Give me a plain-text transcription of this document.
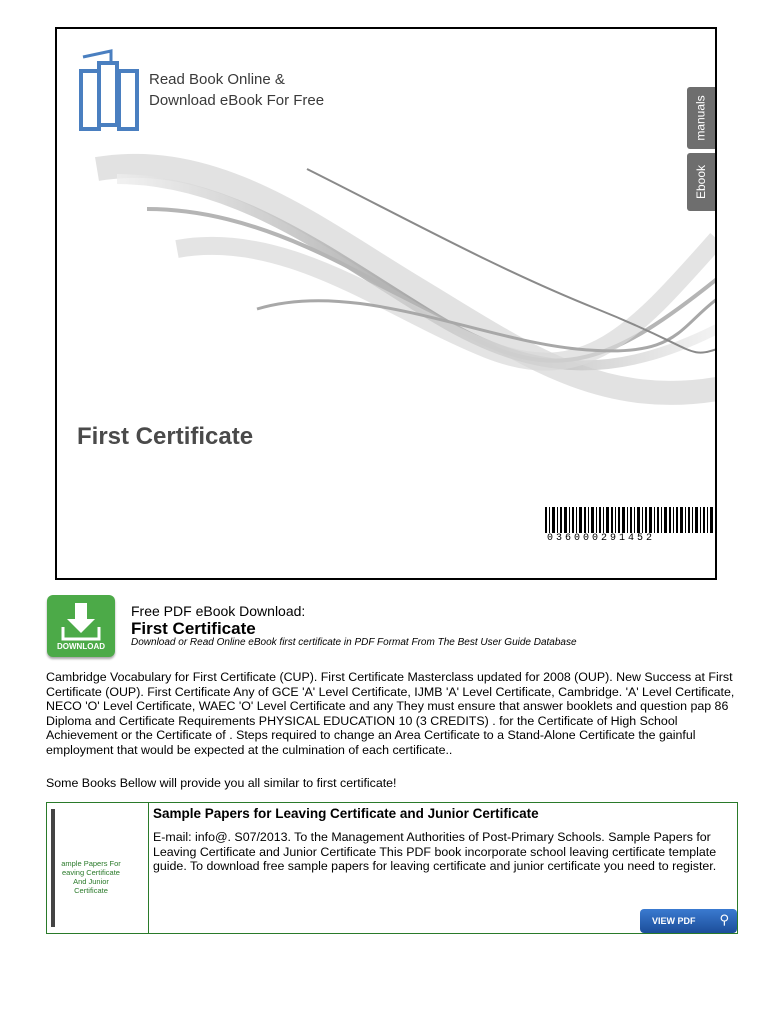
Read Book Online &
Download eBook For Free	manuals
Ebook
First Certificate
036000291452
DOWNLOAD
Free PDF eBook Download:
First Certificate
Download or Read Online eBook first certificate in PDF Format From The Best User Guide Database
Cambridge Vocabulary for First Certificate (CUP). First Certificate Masterclass updated for 2008 (OUP). New Success at First Certificate (OUP). First Certificate Any of GCE 'A' Level Certificate, IJMB 'A' Level Certificate, Cambridge. 'A' Level Certificate, NECO 'O' Level Certificate, WAEC 'O' Level Certificate and any They must ensure that answer booklets and question pap 86 Diploma and Certificate Requirements PHYSICAL EDUCATION 10 (3 CREDITS) . for the Certificate of High School Achievement or the Certificate of . Steps required to change an Area Certificate to a Stand-Alone Certificate the gainful employment that would be expected at the culmination of each certificate..
Some Books Bellow will provide you all similar to first certificate!
ample Papers For
eaving Certificate
And Junior
Certificate
Sample Papers for Leaving Certificate and Junior Certificate
E-mail: info@. S07/2013. To the Management Authorities of Post-Primary Schools. Sample Papers for Leaving Certificate and Junior Certificate This PDF book incorporate school leaving certificate template guide. To download free sample papers for leaving certificate and junior certificate you need to register.
VIEW PDF ⚲
